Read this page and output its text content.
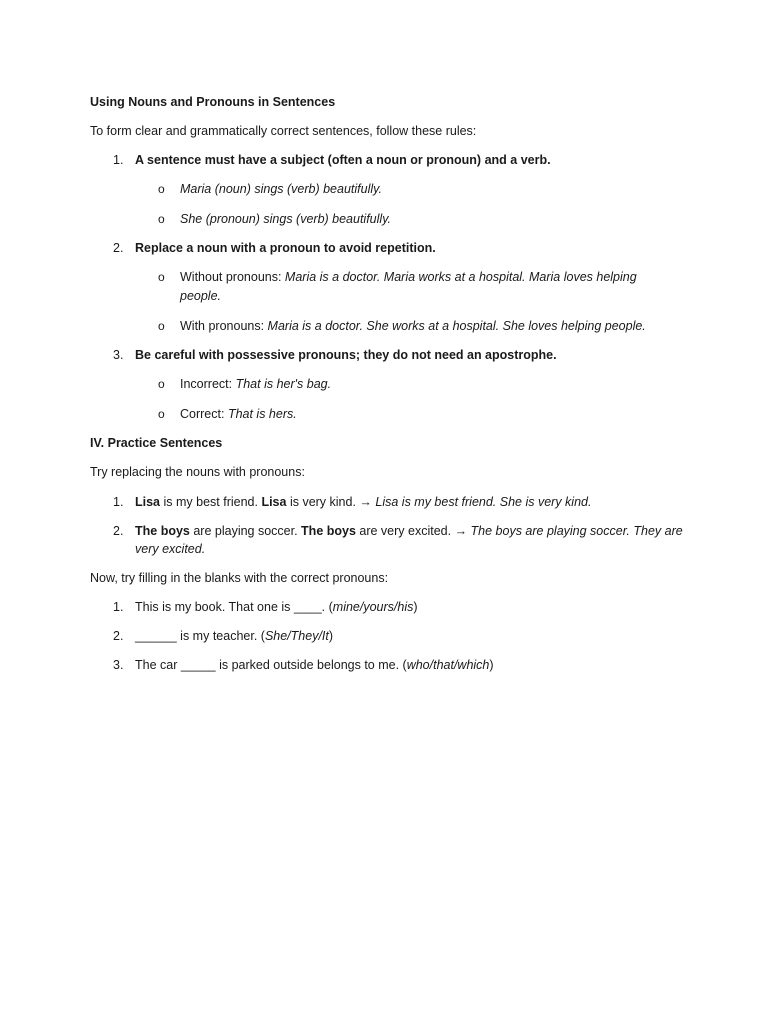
Using Nouns and Pronouns in Sentences
To form clear and grammatically correct sentences, follow these rules:
1. A sentence must have a subject (often a noun or pronoun) and a verb.
o Maria (noun) sings (verb) beautifully.
o She (pronoun) sings (verb) beautifully.
2. Replace a noun with a pronoun to avoid repetition.
o Without pronouns: Maria is a doctor. Maria works at a hospital. Maria loves helping
people.
o With pronouns: Maria is a doctor. She works at a hospital. She loves helping people.
3. Be careful with possessive pronouns; they do not need an apostrophe.
o Incorrect: That is her's bag.
o Correct: That is hers.
IV. Practice Sentences
Try replacing the nouns with pronouns:
1. Lisa is my best friend. Lisa is very kind. → Lisa is my best friend. She is very kind.
2. The boys are playing soccer. The boys are very excited. → The boys are playing soccer. They are
very excited.
Now, try filling in the blanks with the correct pronouns:
1. This is my book. That one is ____. (mine/yours/his)
2. ______ is my teacher. (She/They/It)
3. The car _____ is parked outside belongs to me. (who/that/which)
